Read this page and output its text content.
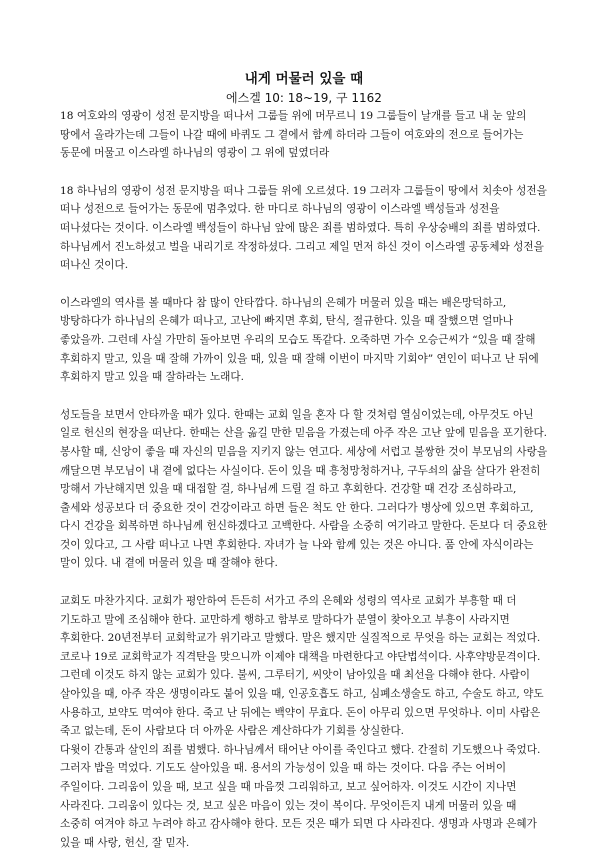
내게 머물러 있을 때

에스겔 10: 18~19, 구 1162

18 여호와의 영광이 성전 문지방을 떠나서 그룹들 위에 머무르니 19 그룹들이 날개를 들고 내 눈 앞의 땅에서 올라가는데 그들이 나갈 때에 바퀴도 그 곁에서 함께 하더라 그들이 여호와의 전으로 들어가는 동문에 머물고 이스라엘 하나님의 영광이 그 위에 덮였더라

18 하나님의 영광이 성전 문지방을 떠나 그룹들 위에 오르셨다. 19 그러자 그룹들이 땅에서 치솟아 성전을 떠나 성전으로 들어가는 동문에 멈추었다. 한 마디로 하나님의 영광이 이스라엘 백성들과 성전을 떠나셨다는 것이다. 이스라엘 백성들이 하나님 앞에 많은 죄를 범하였다. 특히 우상숭배의 죄를 범하였다. 하나님께서 진노하셨고 벌을 내리기로 작정하셨다. 그리고 제일 먼저 하신 것이 이스라엘 공동체와 성전을 떠나신 것이다.

이스라엘의 역사를 볼 때마다 참 많이 안타깝다. 하나님의 은혜가 머물러 있을 때는 배은망덕하고, 방탕하다가 하나님의 은혜가 떠나고, 고난에 빠지면 후회, 탄식, 절규한다. 있을 때 잘했으면 얼마나 좋았을까. 그런데 사실 가만히 돌아보면 우리의 모습도 똑같다. 오죽하면 가수 오승근씨가 “있을 때 잘해 후회하지 말고, 있을 때 잘해 가까이 있을 때, 있을 때 잘해 이번이 마지막 기회야” 연인이 떠나고 난 뒤에 후회하지 말고 있을 때 잘하라는 노래다.

성도들을 보면서 안타까울 때가 있다. 한때는 교회 일을 혼자 다 할 것처럼 열심이었는데, 아무것도 아닌 일로 헌신의 현장을 떠난다. 한때는 산을 옮길 만한 믿음을 가졌는데 아주 작은 고난 앞에 믿음을 포기한다. 봉사할 때, 신앙이 좋을 때 자신의 믿음을 지키지 않는 연고다. 세상에 서럽고 불쌍한 것이 부모님의 사랑을 깨달으면 부모님이 내 곁에 없다는 사실이다. 돈이 있을 때 흥청망청하거나, 구두쇠의 삶을 살다가 완전히 망해서 가난해지면 있을 때 대접할 걸, 하나님께 드릴 걸 하고 후회한다. 건강할 때 건강 조심하라고, 출세와 성공보다 더 중요한 것이 건강이라고 하면 들은 척도 안 한다. 그러다가 병상에 있으면 후회하고, 다시 건강을 회복하면 하나님께 헌신하겠다고 고백한다. 사람을 소중히 여기라고 말한다. 돈보다 더 중요한 것이 있다고, 그 사람 떠나고 나면 후회한다. 자녀가 늘 나와 함께 있는 것은 아니다. 품 안에 자식이라는 말이 있다. 내 곁에 머물러 있을 때 잘해야 한다.

교회도 마찬가지다. 교회가 평안하여 든든히 서가고 주의 은혜와 성령의 역사로 교회가 부흥할 때 더 기도하고 말에 조심해야 한다. 교만하게 행하고 함부로 말하다가 분열이 찾아오고 부흥이 사라지면 후회한다. 20년전부터 교회학교가 위기라고 말했다. 말은 했지만 실질적으로 무엇을 하는 교회는 적었다. 코로나 19로 교회학교가 직격탄을 맞으니까 이제야 대책을 마련한다고 야단법석이다. 사후약방문격이다. 그런데 이것도 하지 않는 교회가 있다. 불씨, 그루터기, 씨앗이 남아있을 때 최선을 다해야 한다. 사람이 살아있을 때, 아주 작은 생명이라도 붙어 있을 때, 인공호흡도 하고, 심폐소생술도 하고, 수술도 하고, 약도 사용하고, 보약도 먹여야 한다. 죽고 난 뒤에는 백약이 무효다. 돈이 아무리 있으면 무엇하나. 이미 사람은 죽고 없는데, 돈이 사람보다 더 아까운 사람은 계산하다가 기회를 상실한다.

다윗이 간통과 살인의 죄를 범했다. 하나님께서 태어난 아이를 죽인다고 했다. 간절히 기도했으나 죽었다. 그러자 밥을 먹었다. 기도도 살아있을 때. 용서의 가능성이 있을 때 하는 것이다. 다음 주는 어버이 주일이다. 그리움이 있을 때, 보고 싶을 때 마음껏 그리워하고, 보고 싶어하자. 이것도 시간이 지나면 사라진다. 그리움이 있다는 것, 보고 싶은 마음이 있는 것이 복이다. 무엇이든지 내게 머물러 있을 때 소중히 여겨야 하고 누려야 하고 감사해야 한다. 모든 것은 때가 되면 다 사라진다. 생명과 사명과 은혜가 있을 때 사랑, 헌신, 잘 믿자.
